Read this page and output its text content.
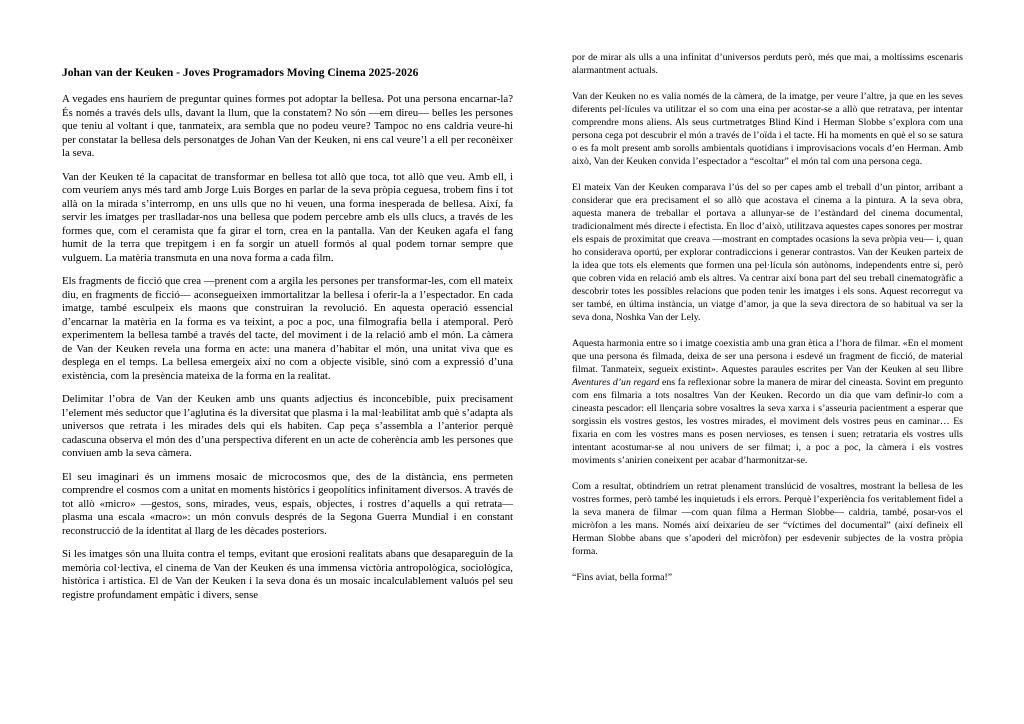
Johan van der Keuken - Joves Programadors Moving Cinema 2025-2026

A vegades ens hauríem de preguntar quines formes pot adoptar la bellesa. Pot una persona encarnar-la? És només a través dels ulls, davant la llum, que la constatem? No són —em direu— belles les persones que teniu al voltant i que, tanmateix, ara sembla que no podeu veure? Tampoc no ens caldria veure-hi per constatar la bellesa dels personatges de Johan Van der Keuken, ni ens cal veure’l a ell per reconèixer la seva.

Van der Keuken té la capacitat de transformar en bellesa tot allò que toca, tot allò que veu. Amb ell, i com veuríem anys més tard amb Jorge Luis Borges en parlar de la seva pròpia ceguesa, trobem fins i tot allà on la mirada s’interromp, en uns ulls que no hi veuen, una forma inesperada de bellesa. Així, fa servir les imatges per traslladar-nos una bellesa que podem percebre amb els ulls clucs, a través de les formes que, com el ceramista que fa girar el torn, crea en la pantalla. Van der Keuken agafa el fang humit de la terra que trepitgem i en fa sorgir un atuell formós al qual podem tornar sempre que vulguem. La matèria transmuta en una nova forma a cada film.

Els fragments de ficció que crea —prenent com a argila les persones per transformar-les, com ell mateix diu, en fragments de ficció— aconsegueixen immortalitzar la bellesa i oferir-la a l’espectador. En cada imatge, també esculpeix els maons que construiran la revolució. En aquesta operació essencial d’encarnar la matèria en la forma es va teixint, a poc a poc, una filmografia bella i atemporal. Però experimentem la bellesa també a través del tacte, del moviment i de la relació amb el món. La càmera de Van der Keuken revela una forma en acte: una manera d’habitar el món, una unitat viva que es desplega en el temps. La bellesa emergeix així no com a objecte visible, sinó com a expressió d’una existència, com la presència mateixa de la forma en la realitat.

Delimitar l’obra de Van der Keuken amb uns quants adjectius és inconcebible, puix precisament l’element més seductor que l’aglutina és la diversitat que plasma i la mal·leabilitat amb què s’adapta als universos que retrata i les mirades dels qui els habiten. Cap peça s’assembla a l’anterior perquè cadascuna observa el món des d’una perspectiva diferent en un acte de coherència amb les persones que conviuen amb la seva càmera.

El seu imaginari és un immens mosaic de microcosmos que, des de la distància, ens permeten comprendre el cosmos com a unitat en moments històrics i geopolítics infinitament diversos. A través de tot allò «micro» —gestos, sons, mirades, veus, espais, objectes, i rostres d’aquells a qui retrata— plasma una escala «macro»: un món convuls després de la Segona Guerra Mundial i en constant reconstrucció de la identitat al llarg de les dècades posteriors.

Si les imatges són una lluita contra el temps, evitant que erosioni realitats abans que desapareguin de la memòria col·lectiva, el cinema de Van der Keuken és una immensa victòria antropològica, sociològica, històrica i artística. El de Van der Keuken i la seva dona és un mosaic incalculablement valuós pel seu registre profundament empàtic i divers, sense

por de mirar als ulls a una infinitat d’universos perduts però, més que mai, a moltíssims escenaris alarmantment actuals.

Van der Keuken no es valia només de la càmera, de la imatge, per veure l’altre, ja que en les seves diferents pel·lícules va utilitzar el so com una eina per acostar-se a allò que retratava, per intentar comprendre mons aliens. Als seus curtmetratges Blind Kind i Herman Slobbe s’explora com una persona cega pot descubrir el món a través de l’oïda i el tacte. Hi ha moments en què el so se satura o es fa molt present amb sorolls ambientals quotidians i improvisacions vocals d’en Herman. Amb això, Van der Keuken convida l’espectador a “escoltar” el món tal com una persona cega.

El mateix Van der Keuken comparava l’ús del so per capes amb el treball d’un pintor, arribant a considerar que era precisament el so allò que acostava el cinema a la pintura. A la seva obra, aquesta manera de treballar el portava a allunyar-se de l’estàndard del cinema documental, tradicionalment més directe i efectista. En lloc d’això, utilitzava aquestes capes sonores per mostrar els espais de proximitat que creava —mostrant en comptades ocasions la seva pròpia veu— i, quan ho considerava oportú, per explorar contradiccions i generar contrastos. Van der Keuken parteix de la idea que tots els elements que formen una pel·lícula són autònoms, independents entre si, però que cobren vida en relació amb els altres. Va centrar així bona part del seu treball cinematogràfic a descobrir totes les possibles relacions que poden tenir les imatges i els sons. Aquest recorregut va ser també, en última instància, un viatge d’amor, ja que la seva directora de so habitual va ser la seva dona, Noshka Van der Lely.

Aquesta harmonia entre so i imatge coexistia amb una gran ètica a l’hora de filmar. «En el moment que una persona és filmada, deixa de ser una persona i esdevé un fragment de ficció, de material filmat. Tanmateix, segueix existint». Aquestes paraules escrites per Van der Keuken al seu llibre Aventures d’un regard ens fa reflexionar sobre la manera de mirar del cineasta. Sovint em pregunto com ens filmaria a tots nosaltres Van der Keuken. Recordo un dia que vam definir-lo com a cineasta pescador: ell llençaria sobre vosaltres la seva xarxa i s’asseuria pacientment a esperar que sorgissin els vostres gestos, les vostres mirades, el moviment dels vostres peus en caminar… Es fixaria en com les vostres mans es posen nervioses, es tensen i suen; retrataria els vostres ulls intentant acostumar-se al nou univers de ser filmat; i, a poc a poc, la càmera i els vostres moviments s’anirien coneixent per acabar d’harmonitzar-se.

Com a resultat, obtindríem un retrat plenament translúcid de vosaltres, mostrant la bellesa de les vostres formes, però també les inquietuds i els errors. Perquè l’experiència fos veritablement fidel a la seva manera de filmar —com quan filma a Herman Slobbe— caldria, també, posar-vos el micròfon a les mans. Només així deixaríeu de ser “víctimes del documental” (així defineix ell Herman Slobbe abans que s’apoderi del micròfon) per esdevenir subjectes de la vostra pròpia forma.

“Fins aviat, bella forma!”
